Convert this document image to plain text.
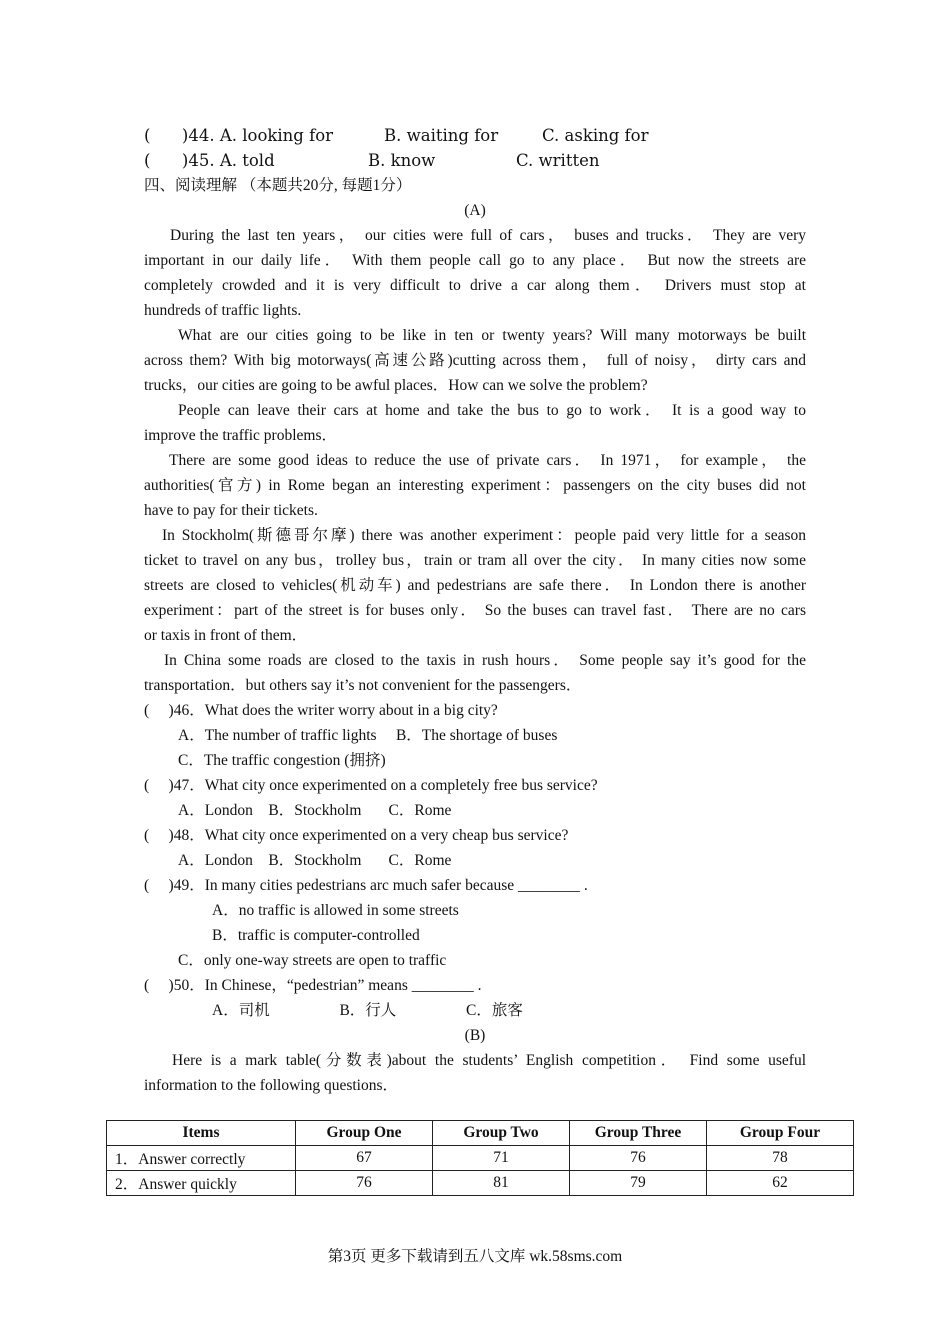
(      )44. A. looking for	B. waiting for	C. asking for
(      )45. A. told	B. know	C. written
四、阅读理解 （本题共20分, 每题1分）
(A)
During the last ten years， our cities were full of cars， buses and trucks． They are very
important in our daily life． With them people call go to any place． But now the streets are
completely crowded and it is very difficult to drive a car along them． Drivers must stop at
hundreds of traffic lights.
What are our cities going to be like in ten or twenty years? Will many motorways be built
across them? With big motorways(高速公路)cutting across them， full of noisy， dirty cars and
trucks，our cities are going to be awful places．How can we solve the problem?
People can leave their cars at home and take the bus to go to work． It is a good way to
improve the traffic problems．
There are some good ideas to reduce the use of private cars． In 1971， for example， the
authorities(官方) in Rome began an interesting experiment：passengers on the city buses did not
have to pay for their tickets.
In Stockholm(斯德哥尔摩) there was another experiment：people paid very little for a season
ticket to travel on any bus，trolley bus，train or tram all over the city． In many cities now some
streets are closed to vehicles(机动车) and pedestrians are safe there． In London there is another
experiment：part of the street is for buses only． So the buses can travel fast． There are no cars
or taxis in front of them．
In China some roads are closed to the taxis in rush hours． Some people say it’s good for the
transportation．but others say it’s not convenient for the passengers．
(     )46．What does the writer worry about in a big city?
A．The number of traffic lights     B．The shortage of buses
C．The traffic congestion (拥挤)
(     )47．What city once experimented on a completely free bus service?
A．London    B．Stockholm       C．Rome
(     )48．What city once experimented on a very cheap bus service?
A．London    B．Stockholm       C．Rome
(     )49．In many cities pedestrians arc much safer because ________ .
A．no traffic is allowed in some streets
B．traffic is computer-controlled
C．only one-way streets are open to traffic
(     )50．In Chinese，“pedestrian” means ________ .
A．司机                  B．行人                  C．旅客
(B)
Here is a mark table(分数表)about the students’ English competition． Find some useful
information to the following questions．
Items	Group One	Group Two	Group Three	Group Four
1．Answer correctly	67	71	76	78
2．Answer quickly	76	81	79	62
第3页 更多下载请到五八文库 wk.58sms.com
